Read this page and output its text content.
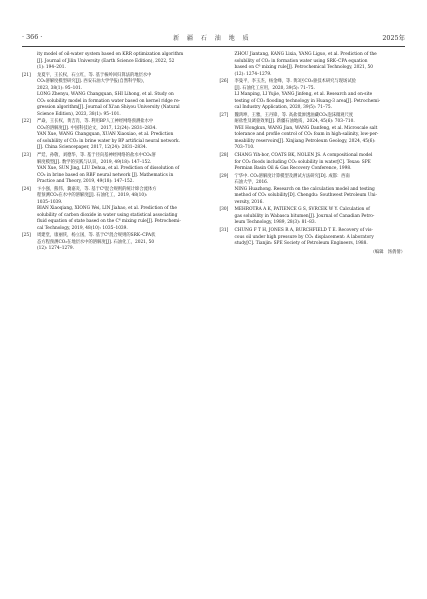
· 366 ·	新 疆 石 油 地 质	2025年
ity model of oil-water system based on KRR optimization algorithm
[J]. Journal of Jilin University (Earth Science Edition), 2022, 52
(1): 194–201.
[21]	龙夏宇，王长权，石立红，等. 基于核岭回归算法的地层水中
CO₂溶解度模型研究[J]. 西安石油大学学报(自然科学版)，
2023, 38(1): 95–101.
LONG Zhenyu, WANG Changquan, SHI Lihong, et al. Study on
CO₂ solubility model in formation water based on kernel ridge re-
gression algorithm[J]. Journal of Xi'an Shiyou University (Natural
Science Edition), 2023, 38(1): 95–101.
[22]	严焱，王长权，黄吉肖，等. 利用BP人工神经网络预测盐水中
CO₂的溶解度[J]. 中国科技论文，2017, 12(24): 2831–2834.
YAN Xue, WANG Changquan, XUAN Xiaoxiao, et al. Prediction
of solubility of CO₂ in brine water by BP artificial neural network.
[J]. China Sciencepaper, 2017, 12(24): 2831–2834.
[23]	严廷，孙敬，刘德华，等. 基于径向基神经网络的盐水中CO₂溶
解度模型[J]. 数学的实践与认识，2019, 49(18): 147–152.
YAN Xue, SUN Jing, LIU Dehua, et al. Prediction of dissolution of
CO₂ in brine based on RBF neural network [J]. Mathematics in
Practice and Theory, 2019, 49(18): 147–152.
[24]	卞小强，熊伟，冀嘉炎，等. 基于C⁶混合规则的统计缔合流体方
程预测CO₂在水中的溶解度[J]. 石油化工，2019, 48(10):
1035–1039.
BIAN Xiaoqiang, XIONG Wei, LIN Jiahao, et al. Prediction of the
solubility of carbon dioxide in water using statistical associating
fluid equation of state based on the C⁶ mixing rule[J]. Petrochemi-
cal Technology, 2019, 48(10): 1035–1039.
[25]	周建堂，康丽侠，杨立国，等. 基于C⁶混合规则的SRK–CPA状
态方程预测CO₂在地层水中的溶解度[J]. 石油化工，2021, 50
(12): 1274–1279.
ZHOU Jiantang, KANG Lixia, YANG Liguo, et al. Prediction of the
solubility of CO₂ in formation water using SRK–CPA equation
based on C⁶ mixing rule[J]. Petrochemical Technology, 2021, 50
(12): 1274–1279.
[26]	李曼平，李玉杰，杨金峰，等. 黄3区CO₂驱技术研究与现场试验
[J]. 石油化工应用，2020, 39(5): 71–75.
LI Manping, LI Yujie, YANG Jinfeng, et al. Research and on-site
testing of CO₂ flooding technology in Huang-3 area[J]. Petrochemi-
cal Industry Application, 2020, 39(5): 71–75.
[27]	魏鸿坤，王雅，王丹锋，等. 高盐低渗透油藏CO₂泡沫微观尺度
耐盐性及调驱效果[J]. 新疆石油地质，2024, 45(6): 703–710.
WEI Hongkun, WANG Jian, WANG Danfeng, et al. Microscale salt
tolerance and profile control of CO₂ foam in high-salinity, low-per-
meability reservoirs[J]. Xinjiang Petroleum Geology, 2024, 45(6):
703–710.
[28]	CHANG Yih-bor, COATS BK, NOLEN JS. A compositional model
for CO₂ floods including CO₂ solubility in water[C]. Texas: SPE
Permian Basin Oil & Gas Recovery Conference, 1998.
[29]	宁华中. CO₂溶解度计算模型及测试方法研究[D]. 成都：西南
石油大学，2016.
NING Huazhong. Research on the calculation model and testing
method of CO₂ solubility[D]. Chengdu: Southwest Petroleum Uni-
versity, 2016.
[30]	MEHROTRA A K, PATIENCE G S, SVRCEK W Y. Calculation of
gas solubility in Wabasca bitumen[J]. Journal of Canadian Petro-
leum Technology, 1989, 28(3): 81–83.
[31]	CHUNG F T H, JONES R A, BURCHFIELD T E. Recovery of vis-
cous oil under high pressure by CO₂ displacement: A laboratory
study[C]. Tianjin: SPE Society of Petroleum Engineers, 1988.
（编辑　汤倩倩）
